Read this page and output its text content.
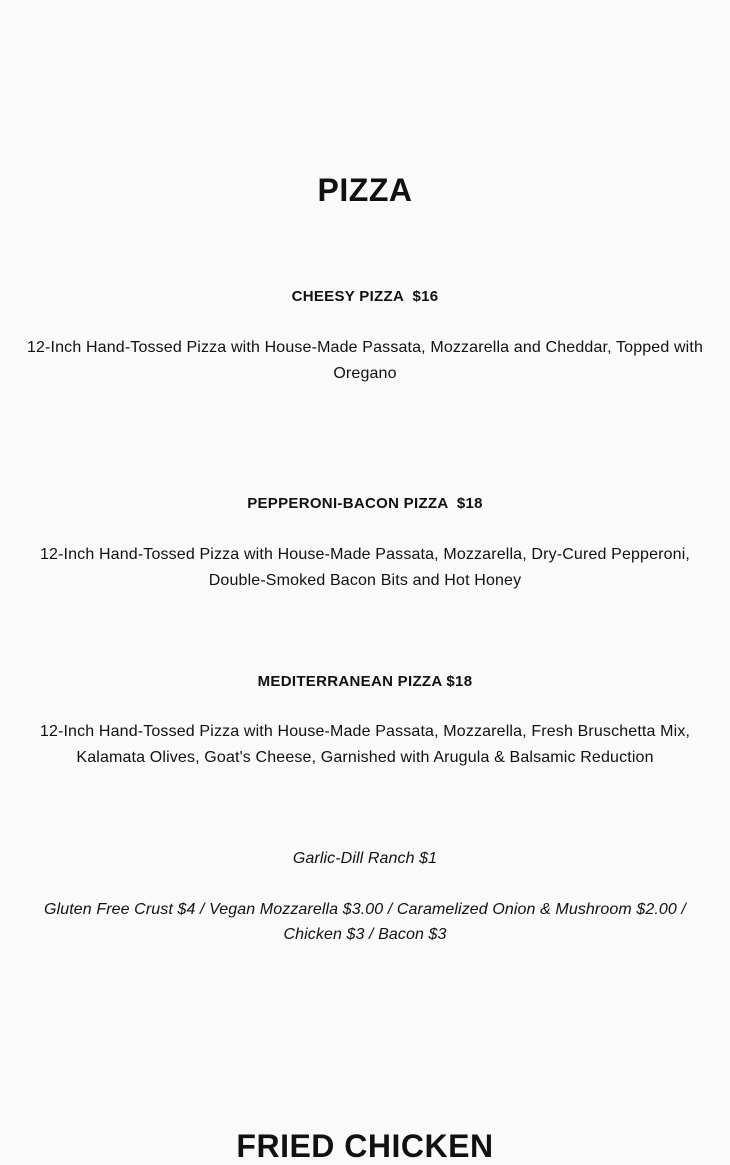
PIZZA

CHEESY PIZZA  $16

12-Inch Hand-Tossed Pizza with House-Made Passata, Mozzarella and Cheddar, Topped with Oregano

PEPPERONI-BACON PIZZA  $18

12-Inch Hand-Tossed Pizza with House-Made Passata, Mozzarella, Dry-Cured Pepperoni, Double-Smoked Bacon Bits and Hot Honey

MEDITERRANEAN PIZZA $18

12-Inch Hand-Tossed Pizza with House-Made Passata, Mozzarella, Fresh Bruschetta Mix, Kalamata Olives, Goat's Cheese, Garnished with Arugula & Balsamic Reduction

Garlic-Dill Ranch $1

Gluten Free Crust $4 / Vegan Mozzarella $3.00 / Caramelized Onion & Mushroom $2.00 / Chicken $3 / Bacon $3

FRIED CHICKEN
